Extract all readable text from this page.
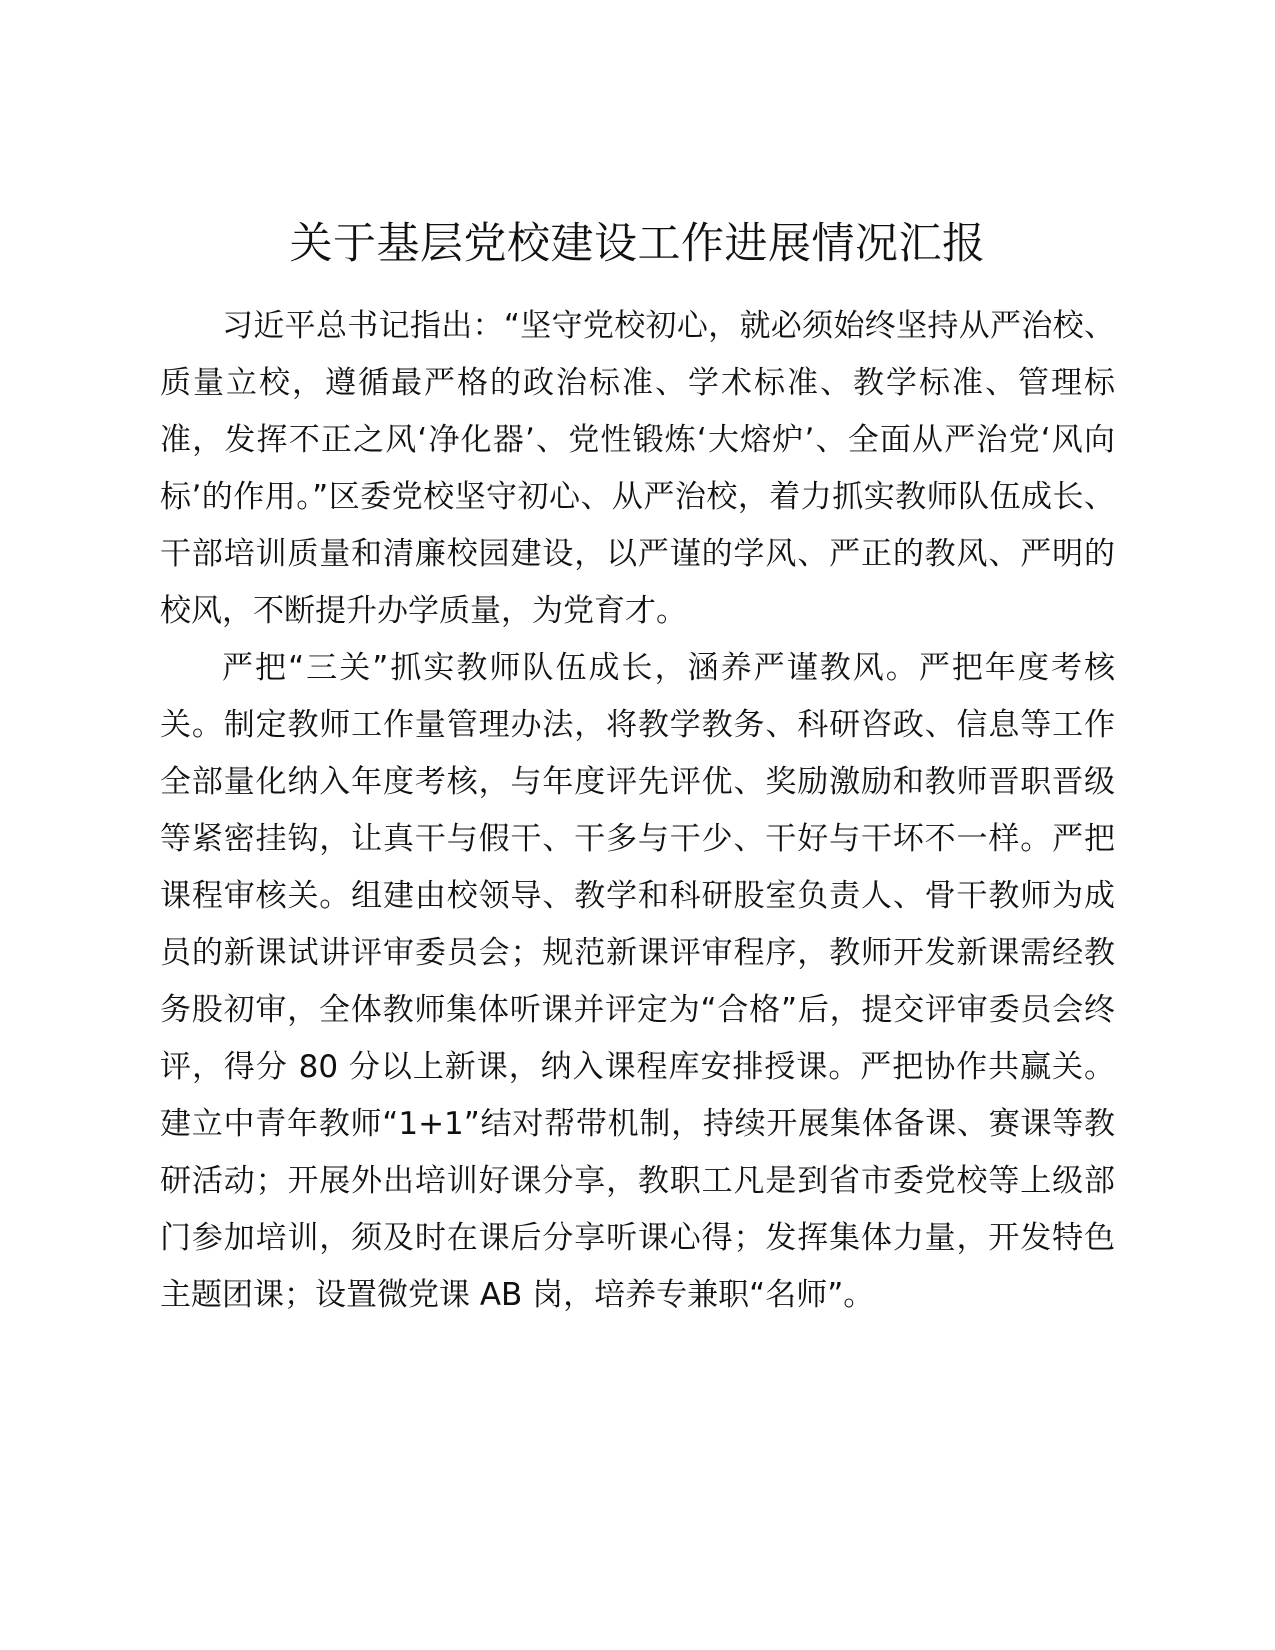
关于基层党校建设工作进展情况汇报

习近平总书记指出：“坚守党校初心，就必须始终坚持从严治校、质量立校，遵循最严格的政治标准、学术标准、教学标准、管理标准，发挥不正之风‘净化器’、党性锻炼‘大熔炉’、全面从严治党‘风向标’的作用。”区委党校坚守初心、从严治校，着力抓实教师队伍成长、干部培训质量和清廉校园建设，以严谨的学风、严正的教风、严明的校风，不断提升办学质量，为党育才。

严把“三关”抓实教师队伍成长，涵养严谨教风。严把年度考核关。制定教师工作量管理办法，将教学教务、科研咨政、信息等工作全部量化纳入年度考核，与年度评先评优、奖励激励和教师晋职晋级等紧密挂钩，让真干与假干、干多与干少、干好与干坏不一样。严把课程审核关。组建由校领导、教学和科研股室负责人、骨干教师为成员的新课试讲评审委员会；规范新课评审程序，教师开发新课需经教务股初审，全体教师集体听课并评定为“合格”后，提交评审委员会终评，得分 80 分以上新课，纳入课程库安排授课。严把协作共赢关。建立中青年教师“1+1”结对帮带机制，持续开展集体备课、赛课等教研活动；开展外出培训好课分享，教职工凡是到省市委党校等上级部门参加培训，须及时在课后分享听课心得；发挥集体力量，开发特色主题团课；设置微党课 AB 岗，培养专兼职“名师”。
